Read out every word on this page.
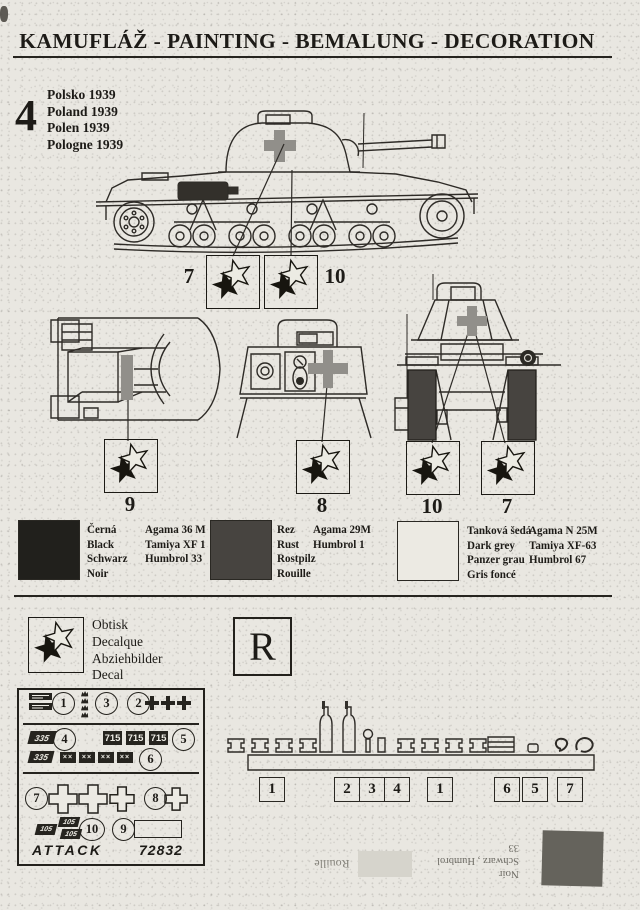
KAMUFLÁŽ - PAINTING - BEMALUNG - DECORATION
4 Polsko 1939
Poland 1939
Polen 1939
Pologne 1939
7	10
9	8	10	7
Černá
Black
Schwarz
Noir
Agama 36 M
Tamiya XF 1
Humbrol 33
Rez
Rust
Rostpilz
Rouille
Agama 29M
Humbrol 1
Tanková šedá
Dark grey
Panzer grau
Gris foncé
Agama N 25M
Tamiya XF-63
Humbrol 67
Obtisk
Decalque
Abziehbilder
Decal
R
1	3	2
335 4	715 715 715	5
335	××	××	××	××	6
7	8
105
105
105 10	9
ATTACK	72832
1	2	3	4	1	6	5	7
Rouille
Noir
Schwarz , Humbrol 33
